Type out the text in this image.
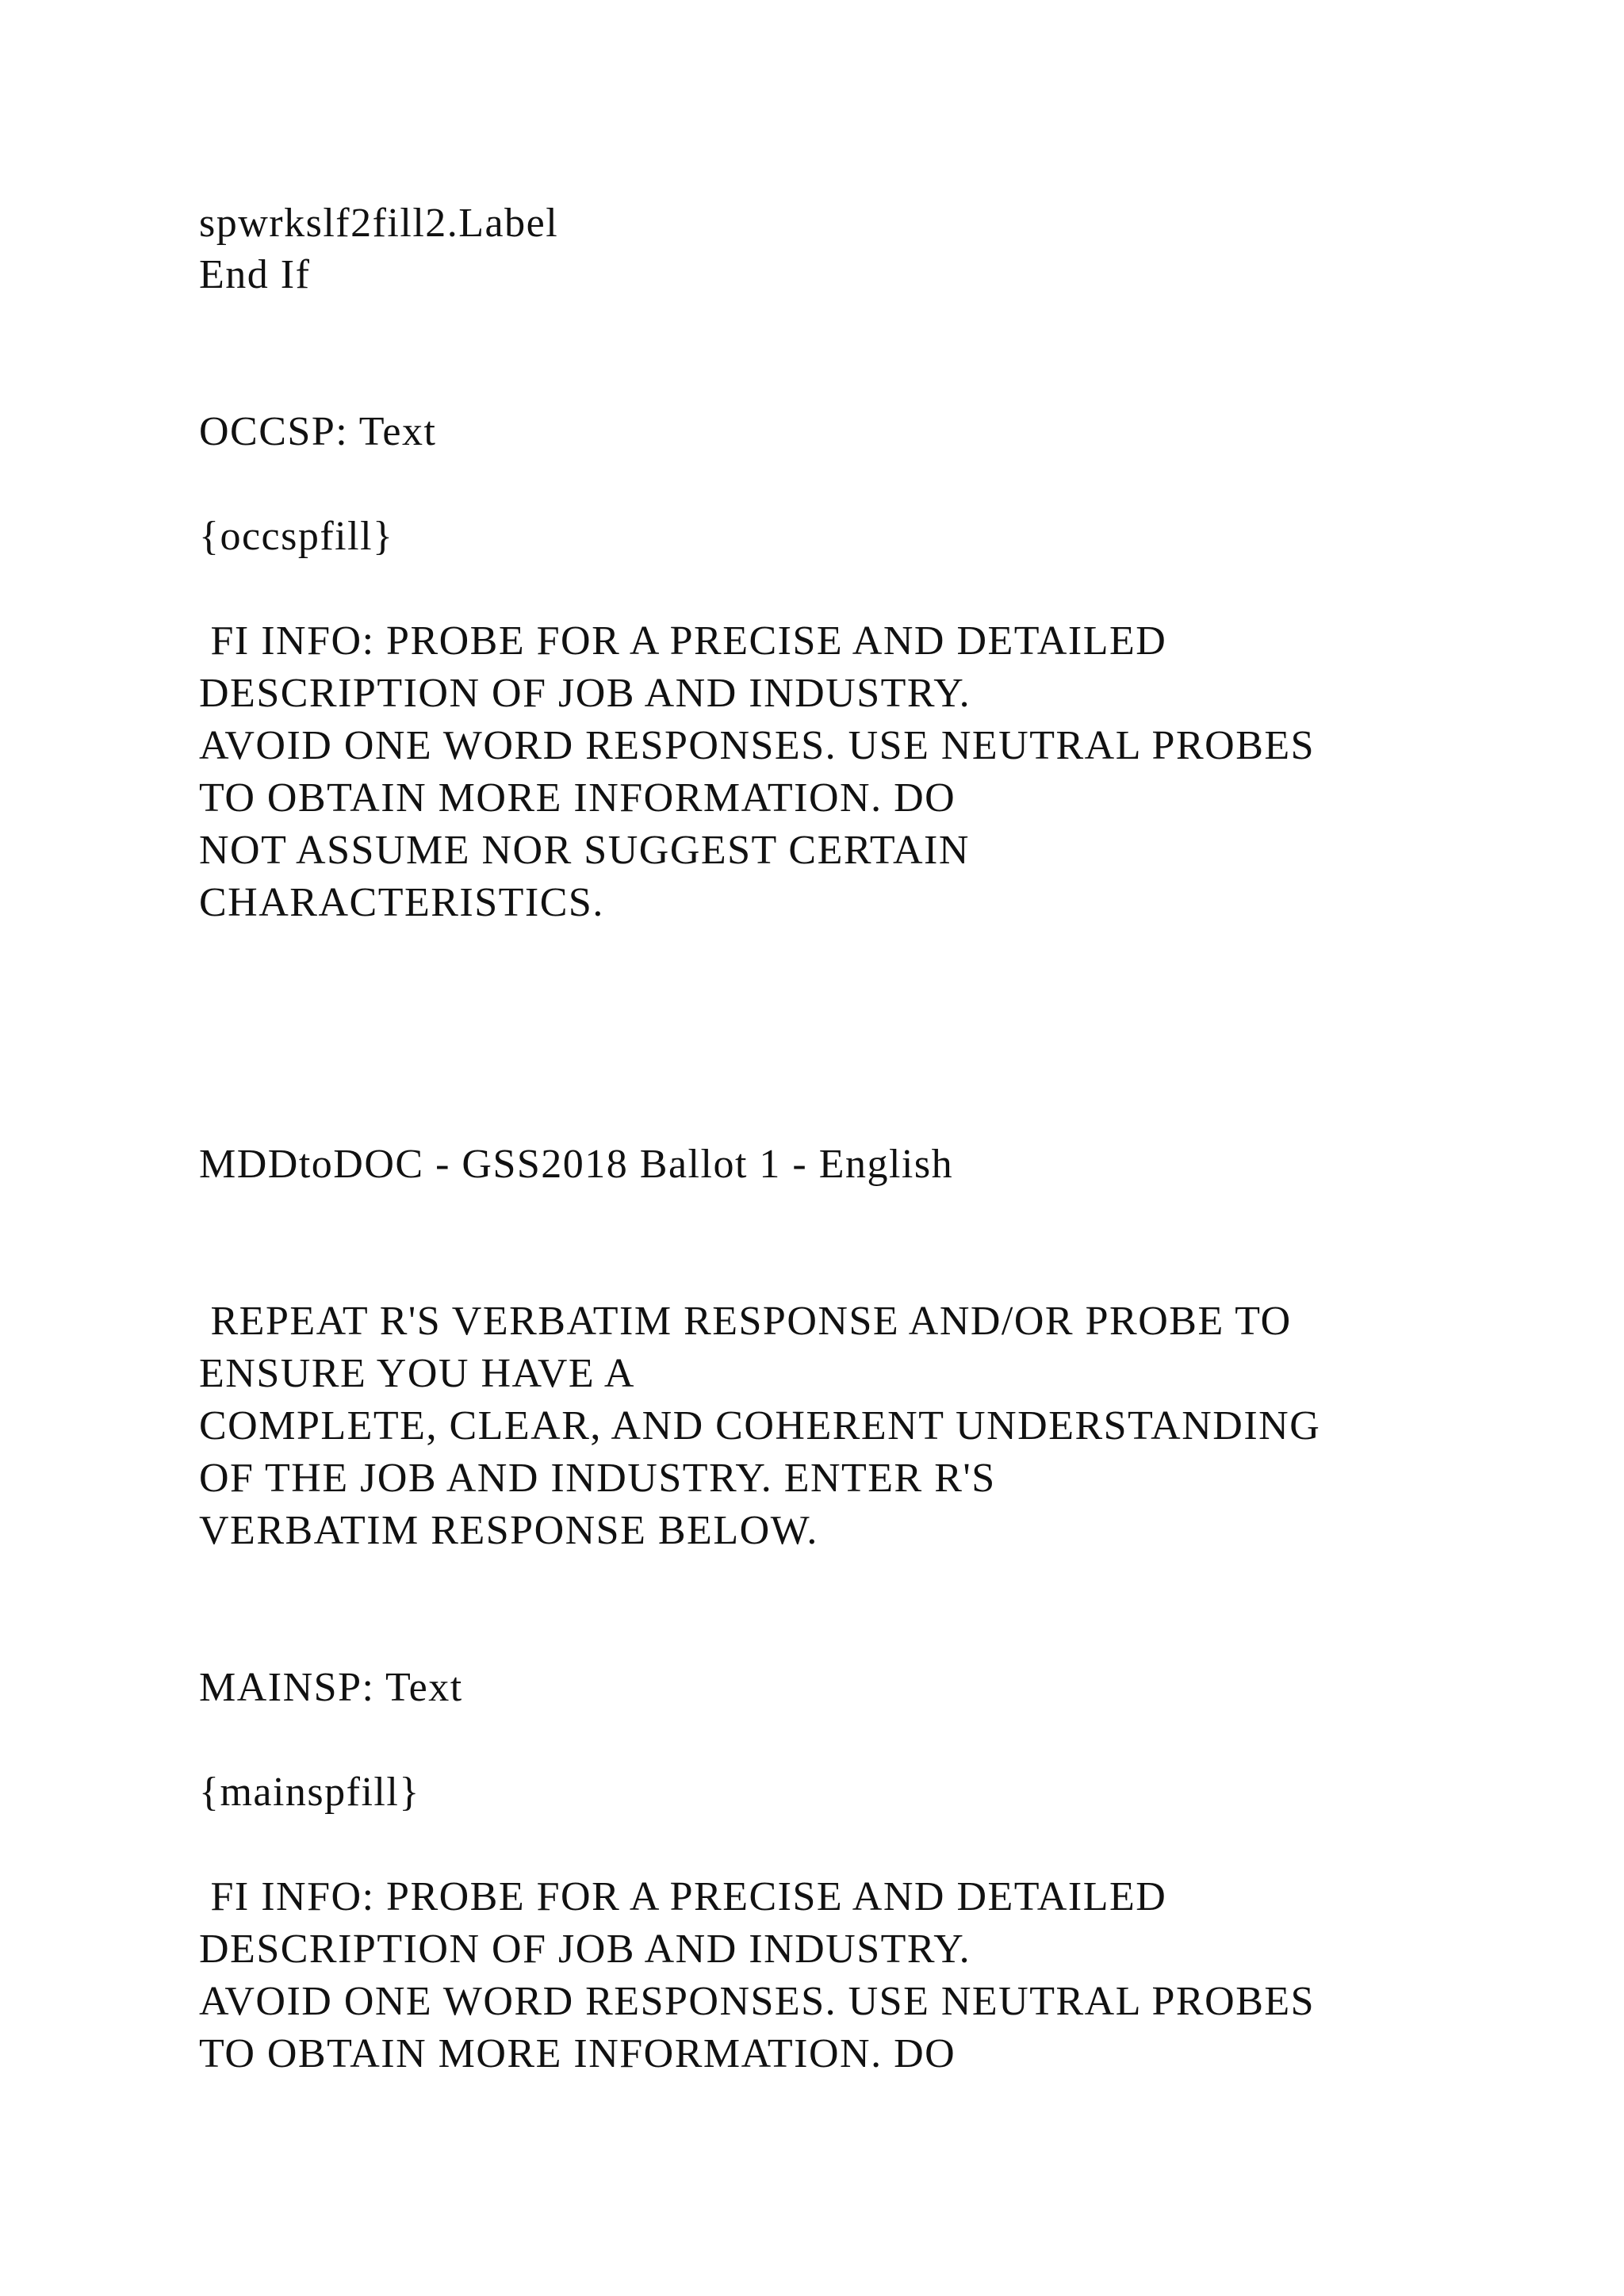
spwrkslf2fill2.Label
End If
OCCSP: Text
{occspfill}
FI INFO: PROBE FOR A PRECISE AND DETAILED
DESCRIPTION OF JOB AND INDUSTRY.
AVOID ONE WORD RESPONSES. USE NEUTRAL PROBES
TO OBTAIN MORE INFORMATION. DO
NOT ASSUME NOR SUGGEST CERTAIN
CHARACTERISTICS.
MDDtoDOC - GSS2018 Ballot 1 - English
REPEAT R'S VERBATIM RESPONSE AND/OR PROBE TO
ENSURE YOU HAVE A
COMPLETE, CLEAR, AND COHERENT UNDERSTANDING
OF THE JOB AND INDUSTRY. ENTER R'S
VERBATIM RESPONSE BELOW.
MAINSP: Text
{mainspfill}
FI INFO: PROBE FOR A PRECISE AND DETAILED
DESCRIPTION OF JOB AND INDUSTRY.
AVOID ONE WORD RESPONSES. USE NEUTRAL PROBES
TO OBTAIN MORE INFORMATION. DO
